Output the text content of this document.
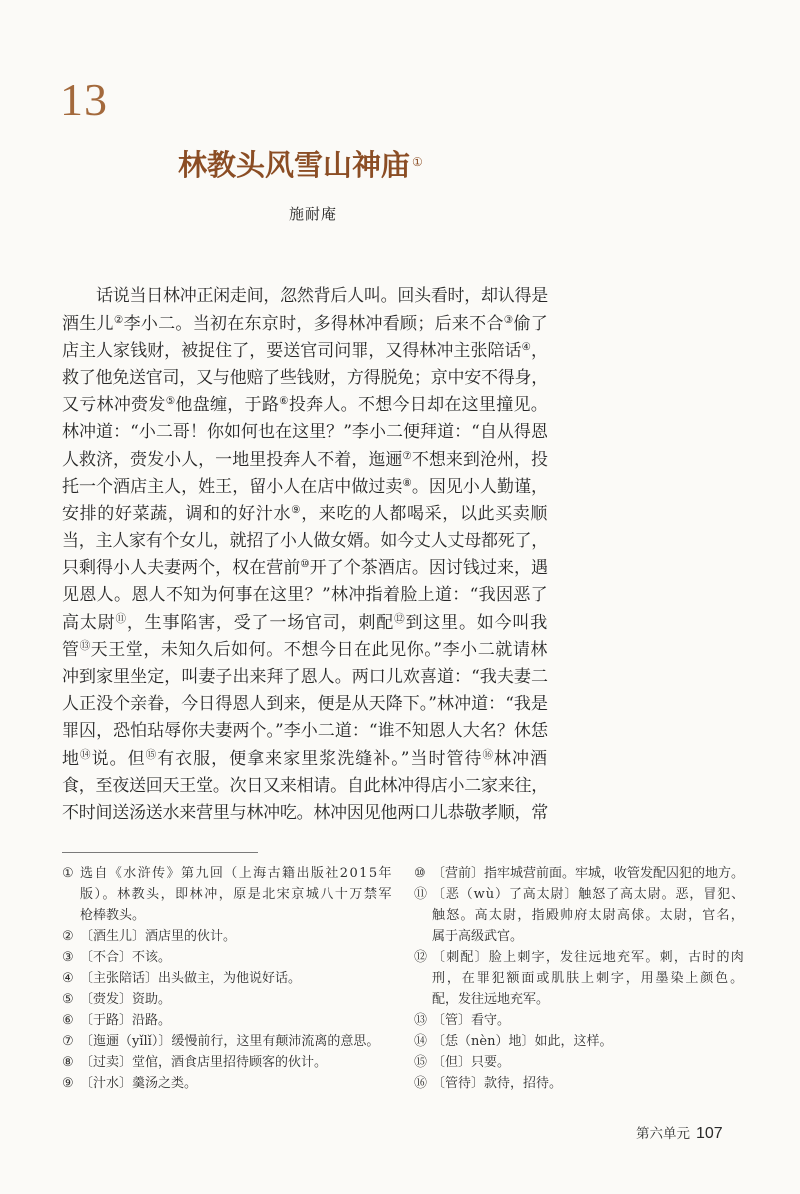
13
林教头风雪山神庙 ①
施耐庵
话说当日林冲正闲走间，忽然背后人叫。回头看时，却认得是
酒生儿②李小二。当初在东京时，多得林冲看顾；后来不合③偷了
店主人家钱财，被捉住了，要送官司问罪，又得林冲主张陪话④，
救了他免送官司，又与他赔了些钱财，方得脱免；京中安不得身，
又亏林冲赍发⑤他盘缠，于路⑥投奔人。不想今日却在这里撞见。
林冲道：“小二哥！你如何也在这里？”李小二便拜道：“自从得恩
人救济，赍发小人，一地里投奔人不着，迤逦⑦不想来到沧州，投
托一个酒店主人，姓王，留小人在店中做过卖⑧。因见小人勤谨，
安排的好菜蔬，调和的好汁水⑨，来吃的人都喝采，以此买卖顺
当，主人家有个女儿，就招了小人做女婿。如今丈人丈母都死了，
只剩得小人夫妻两个，权在营前⑩开了个茶酒店。因讨钱过来，遇
见恩人。恩人不知为何事在这里？”林冲指着脸上道：“我因恶了
高太尉⑪，生事陷害，受了一场官司，刺配⑫到这里。如今叫我
管⑬天王堂，未知久后如何。不想今日在此见你。”李小二就请林
冲到家里坐定，叫妻子出来拜了恩人。两口儿欢喜道：“我夫妻二
人正没个亲眷，今日得恩人到来，便是从天降下。”林冲道：“我是
罪囚，恐怕玷辱你夫妻两个。”李小二道：“谁不知恩人大名？休恁
地⑭说。但⑮有衣服，便拿来家里浆洗缝补。”当时管待⑯林冲酒
食，至夜送回天王堂。次日又来相请。自此林冲得店小二家来往，
不时间送汤送水来营里与林冲吃。林冲因见他两口儿恭敬孝顺，常
① 选自《水浒传》第九回（上海古籍出版社2015年
版）。林教头，即林冲，原是北宋京城八十万禁军
枪棒教头。
② 〔酒生儿〕酒店里的伙计。
③ 〔不合〕不该。
④ 〔主张陪话〕出头做主，为他说好话。
⑤ 〔赍发〕资助。
⑥ 〔于路〕沿路。
⑦ 〔迤逦（yǐlǐ）〕缓慢前行，这里有颠沛流离的意思。
⑧ 〔过卖〕堂倌，酒食店里招待顾客的伙计。
⑨ 〔汁水〕羹汤之类。
⑩ 〔营前〕指牢城营前面。牢城，收管发配囚犯的地方。
⑪ 〔恶（wù）了高太尉〕触怒了高太尉。恶，冒犯、
触怒。高太尉，指殿帅府太尉高俅。太尉，官名，
属于高级武官。
⑫ 〔刺配〕脸上刺字，发往远地充军。刺，古时的肉
刑，在罪犯额面或肌肤上刺字，用墨染上颜色。
配，发往远地充军。
⑬ 〔管〕看守。
⑭ 〔恁（nèn）地〕如此，这样。
⑮ 〔但〕只要。
⑯ 〔管待〕款待，招待。
第六单元 107
